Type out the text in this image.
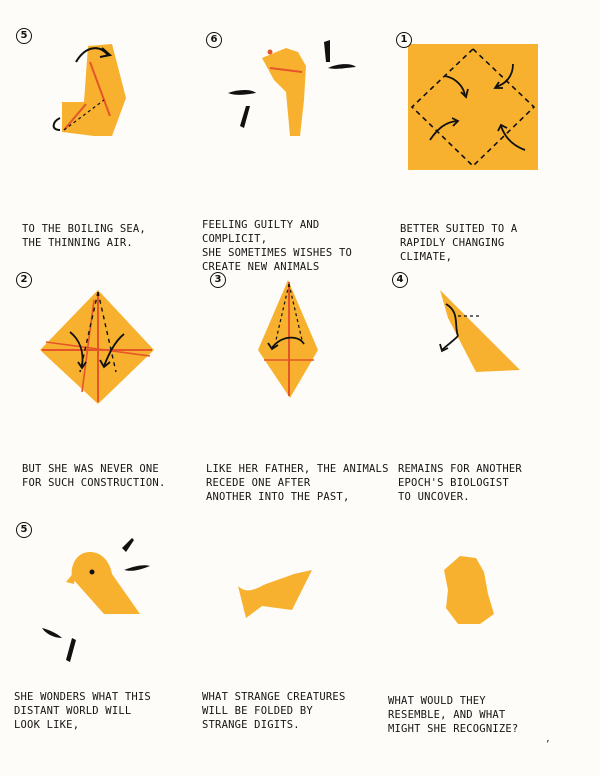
5	6	1
2	3	4
5
TO THE BOILING SEA,
THE THINNING AIR.
FEELING GUILTY AND COMPLICIT,
SHE SOMETIMES WISHES TO
CREATE NEW ANIMALS
BETTER SUITED TO A
RAPIDLY CHANGING
CLIMATE,
BUT SHE WAS NEVER ONE
FOR SUCH CONSTRUCTION.
LIKE HER FATHER, THE ANIMALS
RECEDE ONE AFTER
ANOTHER INTO THE PAST,
REMAINS FOR ANOTHER
EPOCH'S BIOLOGIST
TO UNCOVER.
SHE WONDERS WHAT THIS
DISTANT WORLD WILL
LOOK LIKE,
WHAT STRANGE CREATURES
WILL BE FOLDED BY
STRANGE DIGITS.
WHAT WOULD THEY
RESEMBLE, AND WHAT
MIGHT SHE RECOGNIZE?
’
